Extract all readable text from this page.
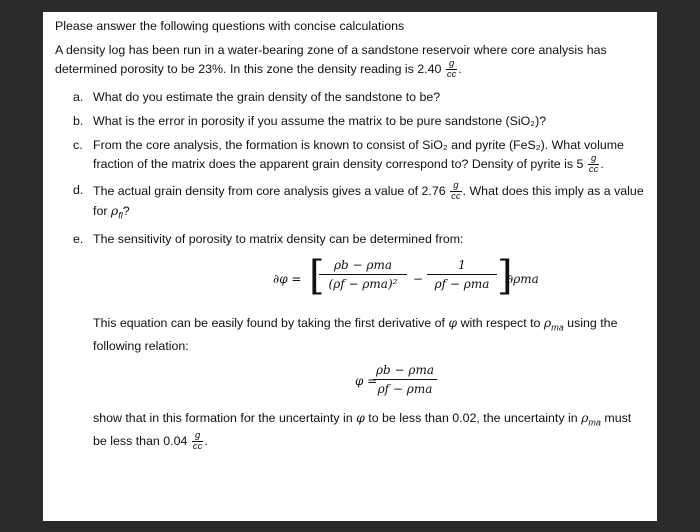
Please answer the following questions with concise calculations

A density log has been run in a water-bearing zone of a sandstone reservoir where core analysis has determined porosity to be 23%. In this zone the density reading is $2.40 \frac{g}{cc}$ .

a. What do you estimate the grain density of the sandstone to be?
b. What is the error in porosity if you assume the matrix to be pure sandstone (SiO₂)?
c. From the core analysis, the formation is known to consist of SiO₂ and pyrite (FeS₂). What volume fraction of the matrix does the apparent grain density correspond to? Density of pyrite is $5 \frac{g}{cc}$ .
d. The actual grain density from core analysis gives a value of $2.76 \frac{g}{cc}$ . What does this imply as a value for $\rho_{fl}$?
e. The sensitivity of porosity to matrix density can be determined from:
∂φ = [ ρb − ρma
(ρf − ρma)²	−
1
ρf − ρma ]
∂ρma

This equation can be easily found by taking the first derivative of φ with respect to $\rho_{ma}$ using the following relation:

φ =
ρb − ρma
ρf − ρma

show that in this formation for the uncertainty in φ to be less than 0.02, the uncertainty in $\rho_{ma}$ must be less than $0.04 \frac{g}{cc}$ .
